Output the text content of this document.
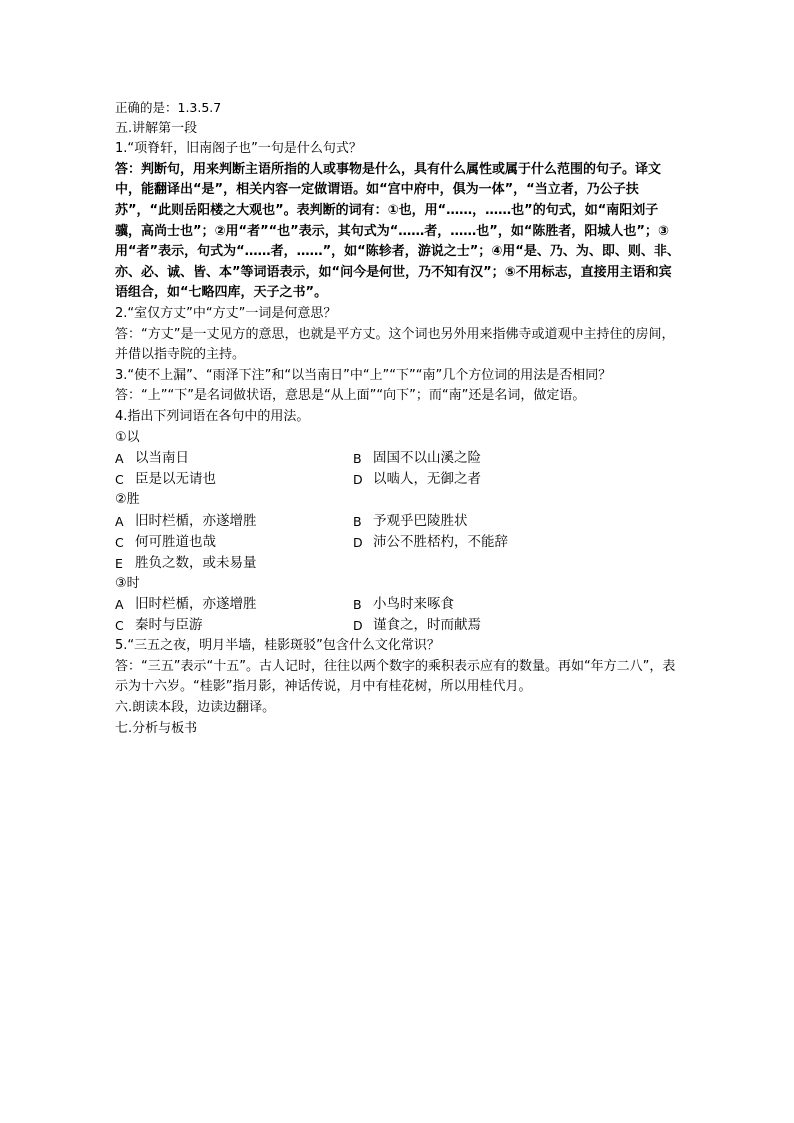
正确的是：1.3.5.7
五.讲解第一段
1.“项脊轩，旧南阁子也”一句是什么句式？
答：判断句，用来判断主语所指的人或事物是什么，具有什么属性或属于什么范围的句子。译文中，能翻译出“是”，相关内容一定做谓语。如“宫中府中，俱为一体”，“当立者，乃公子扶苏”，“此则岳阳楼之大观也”。表判断的词有：①也，用“……，……也”的句式，如“南阳刘子骥，高尚士也”；②用“者”“也”表示，其句式为“……者，……也”，如“陈胜者，阳城人也”；③用“者”表示，句式为“……者，……”，如“陈轸者，游说之士”；④用“是、乃、为、即、则、非、亦、必、诚、皆、本”等词语表示，如“问今是何世，乃不知有汉”；⑤不用标志，直接用主语和宾语组合，如“七略四库，天子之书”。
2.“室仅方丈”中“方丈”一词是何意思？
答：“方丈”是一丈见方的意思，也就是平方丈。这个词也另外用来指佛寺或道观中主持住的房间，并借以指寺院的主持。
3.“使不上漏”、“雨泽下注”和“以当南日”中“上”“下”“南”几个方位词的用法是否相同？
答：“上”“下”是名词做状语，意思是“从上面”“向下”；而“南”还是名词，做定语。
4.指出下列词语在各句中的用法。
①以
A 以当南日	B 固国不以山溪之险
C 臣是以无请也	D 以啮人，无御之者
②胜
A 旧时栏楯，亦遂增胜	B 予观乎巴陵胜状
C 何可胜道也哉	D 沛公不胜桮杓，不能辞
E 胜负之数，或未易量
③时
A 旧时栏楯，亦遂增胜	B 小鸟时来啄食
C 秦时与臣游	D 谨食之，时而献焉
5.“三五之夜，明月半墙，桂影斑驳”包含什么文化常识？
答：“三五”表示“十五”。古人记时，往往以两个数字的乘积表示应有的数量。再如“年方二八”，表示为十六岁。“桂影”指月影，神话传说，月中有桂花树，所以用桂代月。
六.朗读本段，边读边翻译。
七.分析与板书
